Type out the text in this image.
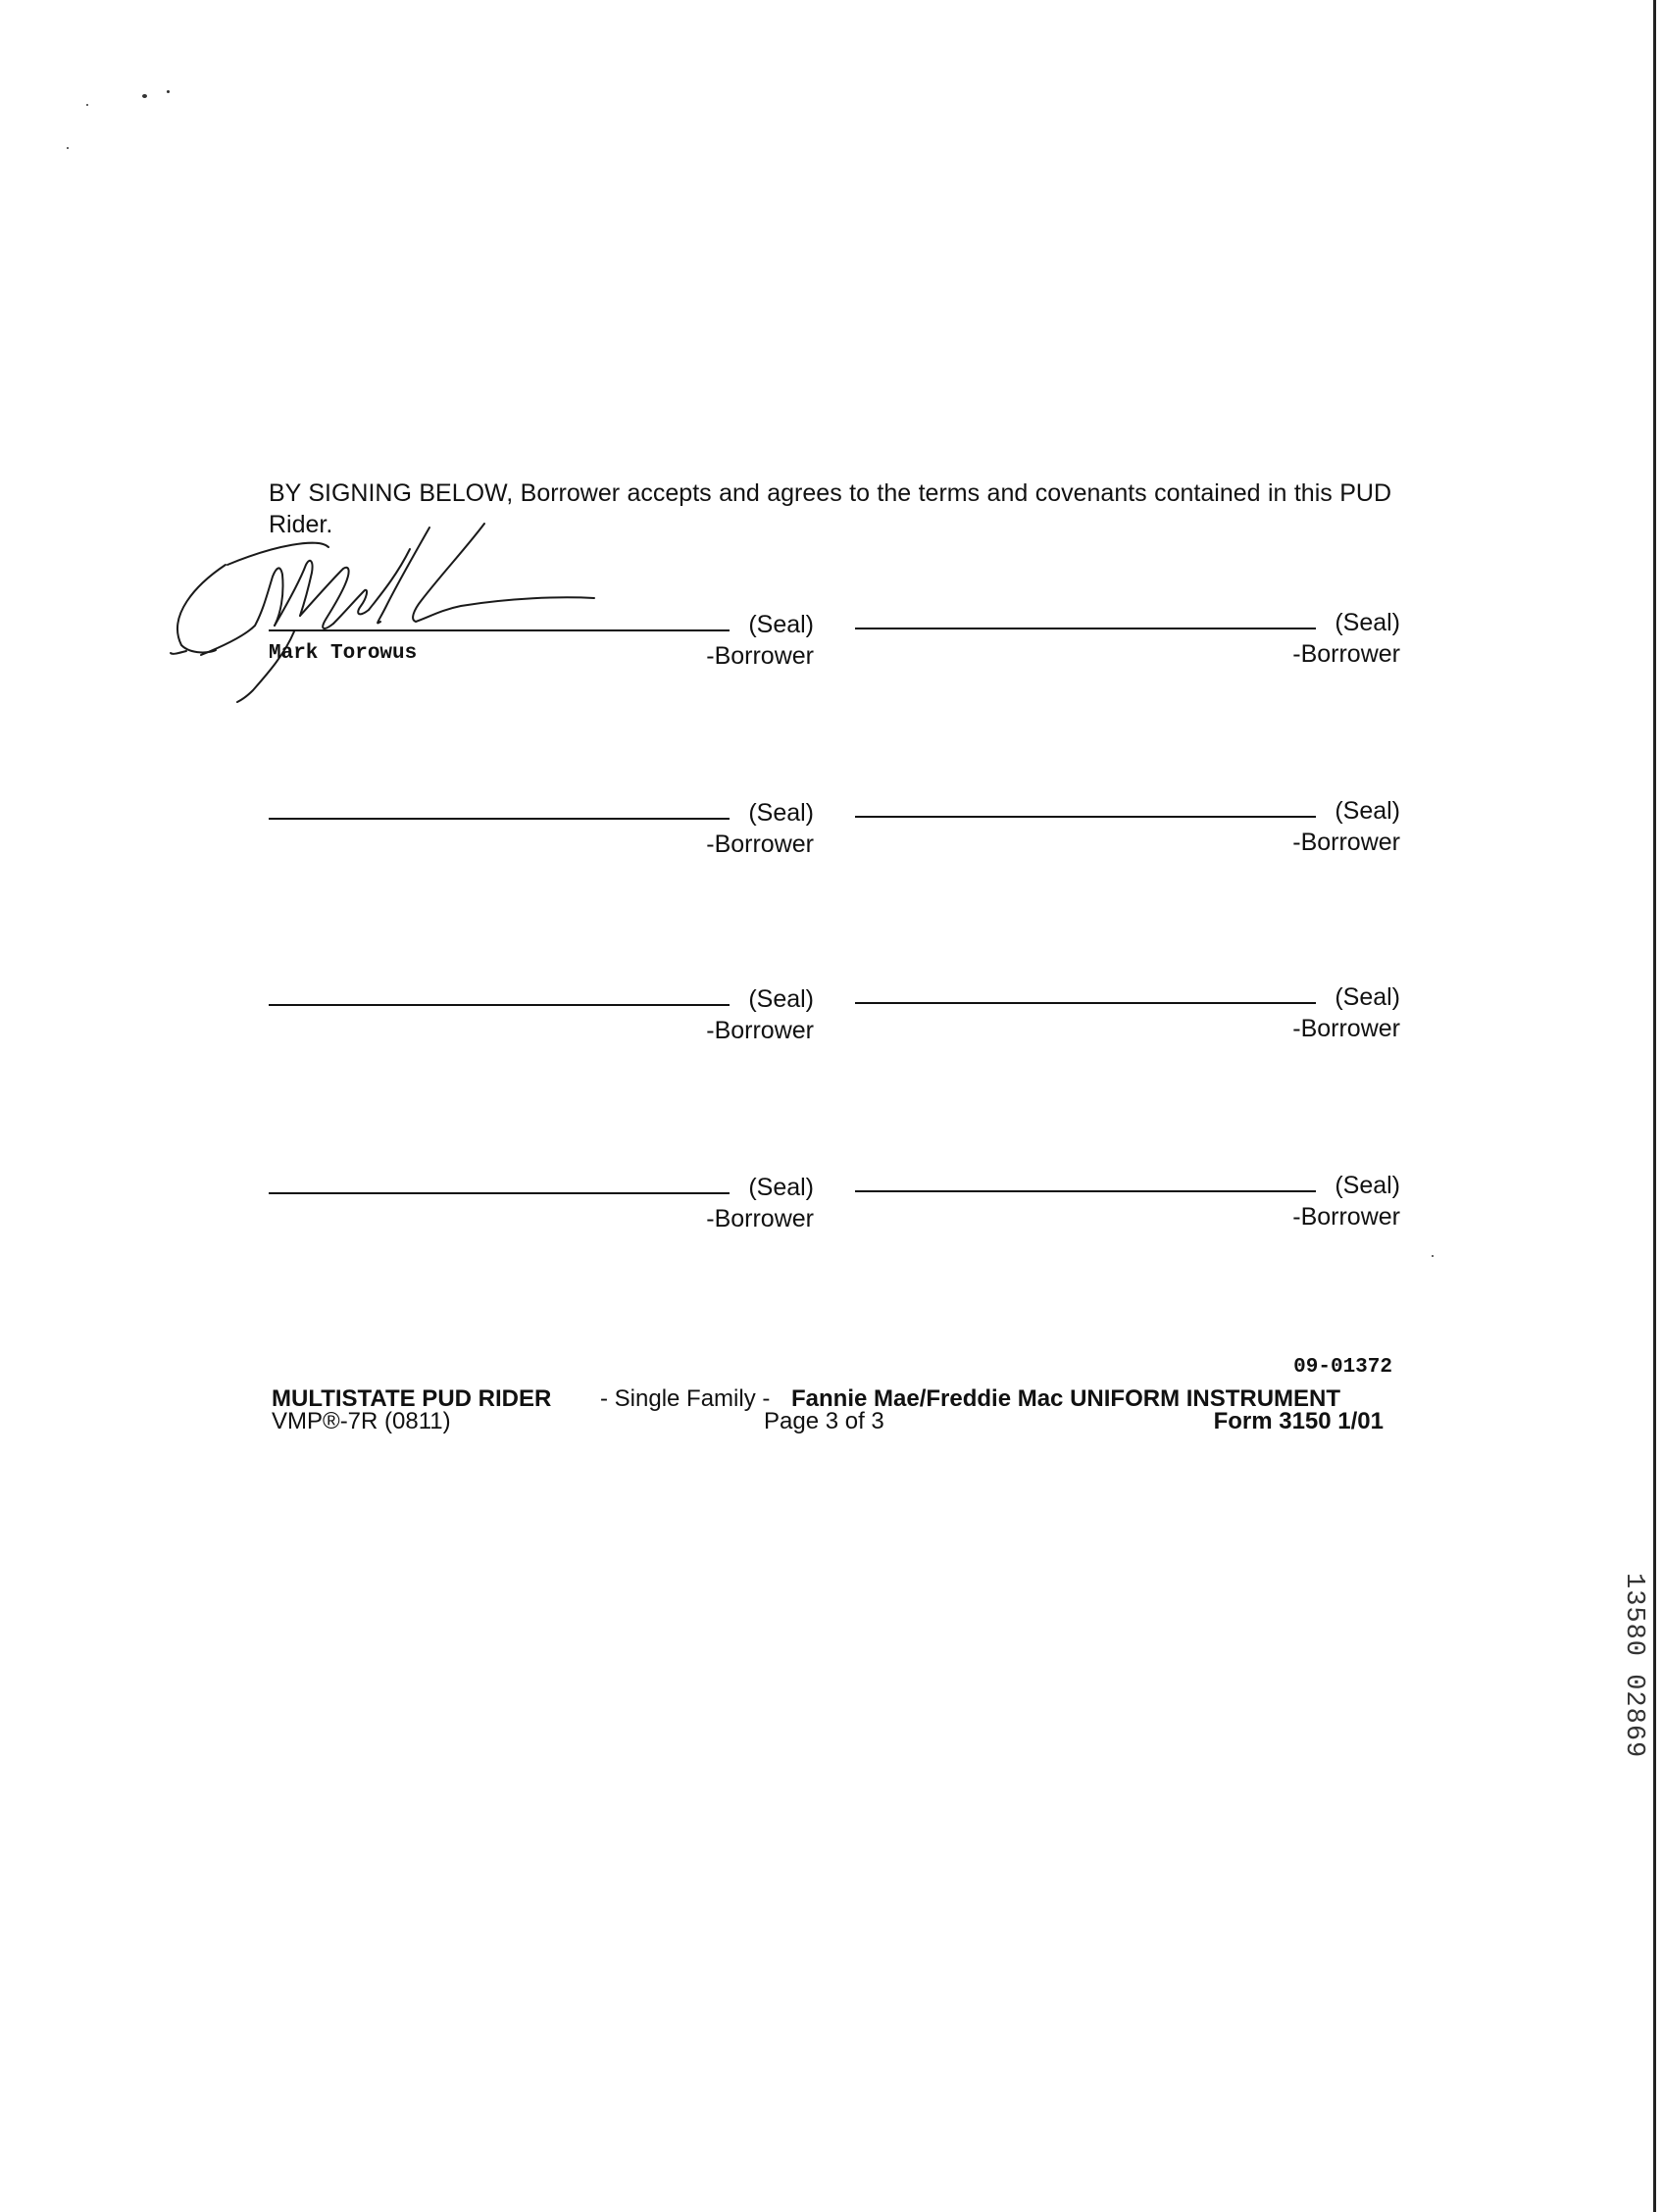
BY SIGNING BELOW, Borrower accepts and agrees to the terms and covenants contained in this PUD Rider.
Mark Torowus
(Seal)
-Borrower
(Seal)
-Borrower
(Seal)
-Borrower
(Seal)
-Borrower
(Seal)
-Borrower
(Seal)
-Borrower
(Seal)
-Borrower
(Seal)
-Borrower
09-01372
MULTISTATE PUD RIDER - Single Family - Fannie Mae/Freddie Mac UNIFORM INSTRUMENT
VMP®-7R (0811)	Page 3 of 3	Form 3150 1/01
13580 02869
